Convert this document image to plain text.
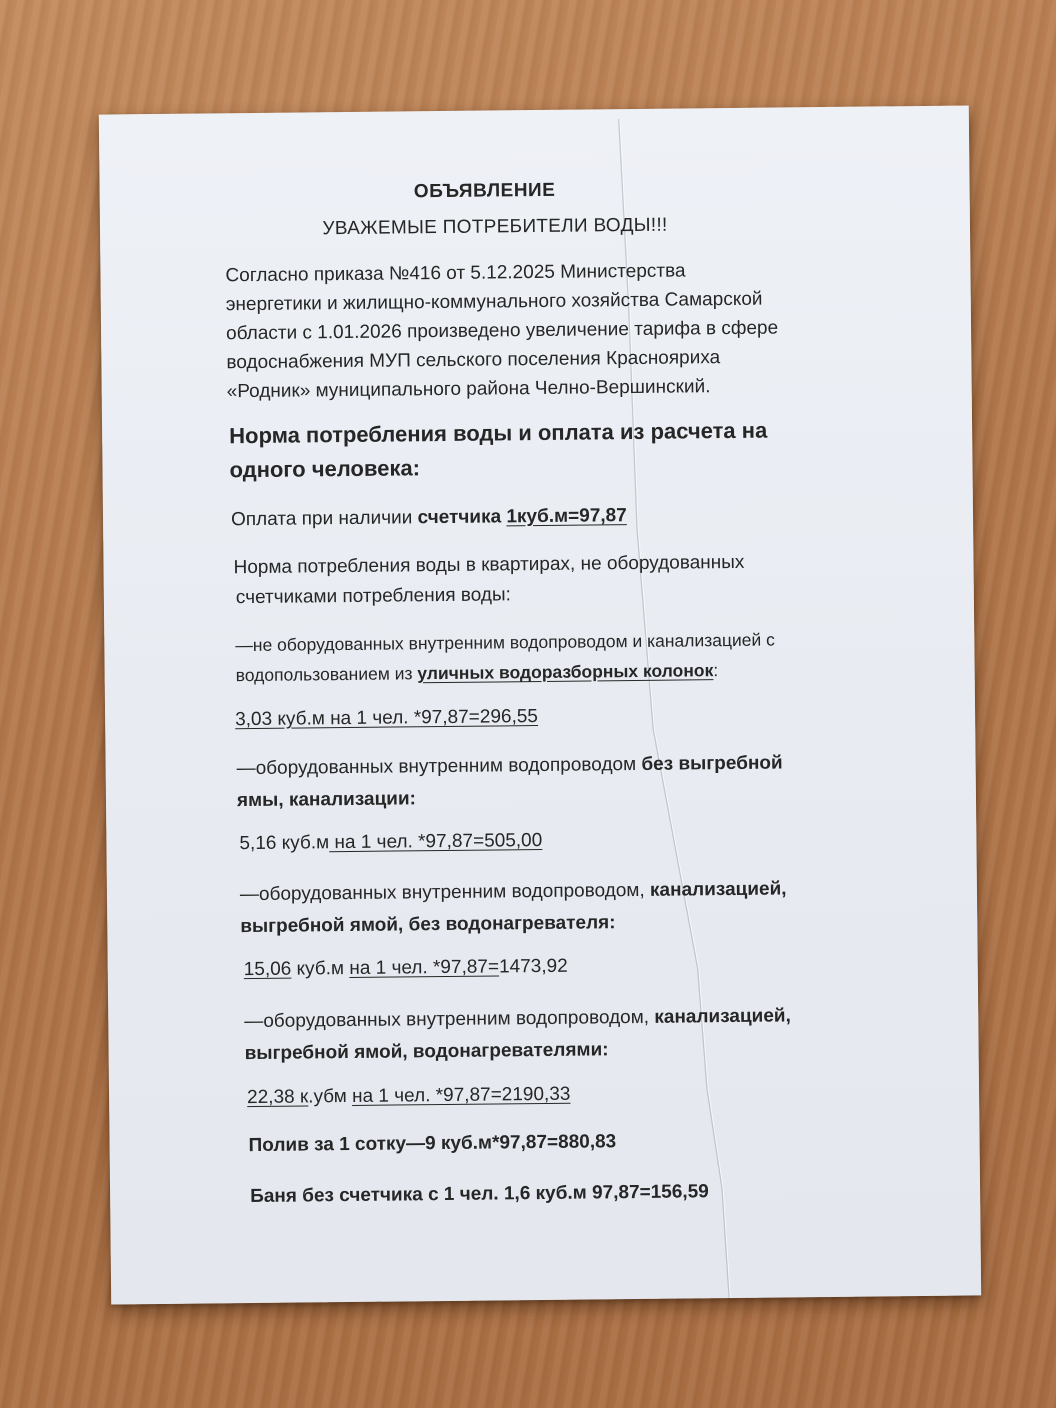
ОБЪЯВЛЕНИЕ
УВАЖЕМЫЕ ПОТРЕБИТЕЛИ ВОДЫ!!!
Согласно приказа №416 от 5.12.2025 Министерства
энергетики и жилищно-коммунального хозяйства Самарской
области с 1.01.2026 произведено увеличение тарифа в сфере
водоснабжения МУП сельского поселения Краснояриха
«Родник» муниципального района Челно-Вершинский.
Норма потребления воды и оплата из расчета на
одного человека:
Оплата при наличии счетчика 1куб.м=97,87
Норма потребления воды в квартирах, не оборудованных
счетчиками потребления воды:
—не оборудованных внутренним водопроводом и канализацией с
водопользованием из уличных водоразборных колонок:
3,03 куб.м на 1 чел. *97,87=296,55
—оборудованных внутренним водопроводом без выгребной
ямы, канализации:
5,16 куб.м на 1 чел. *97,87=505,00
—оборудованных внутренним водопроводом, канализацией,
выгребной ямой, без водонагревателя:
15,06 куб.м на 1 чел. *97,87=1473,92
—оборудованных внутренним водопроводом, канализацией,
выгребной ямой, водонагревателями:
22,38 к.убм на 1 чел. *97,87=2190,33
Полив за 1 сотку—9 куб.м*97,87=880,83
Баня без счетчика с 1 чел. 1,6 куб.м 97,87=156,59
